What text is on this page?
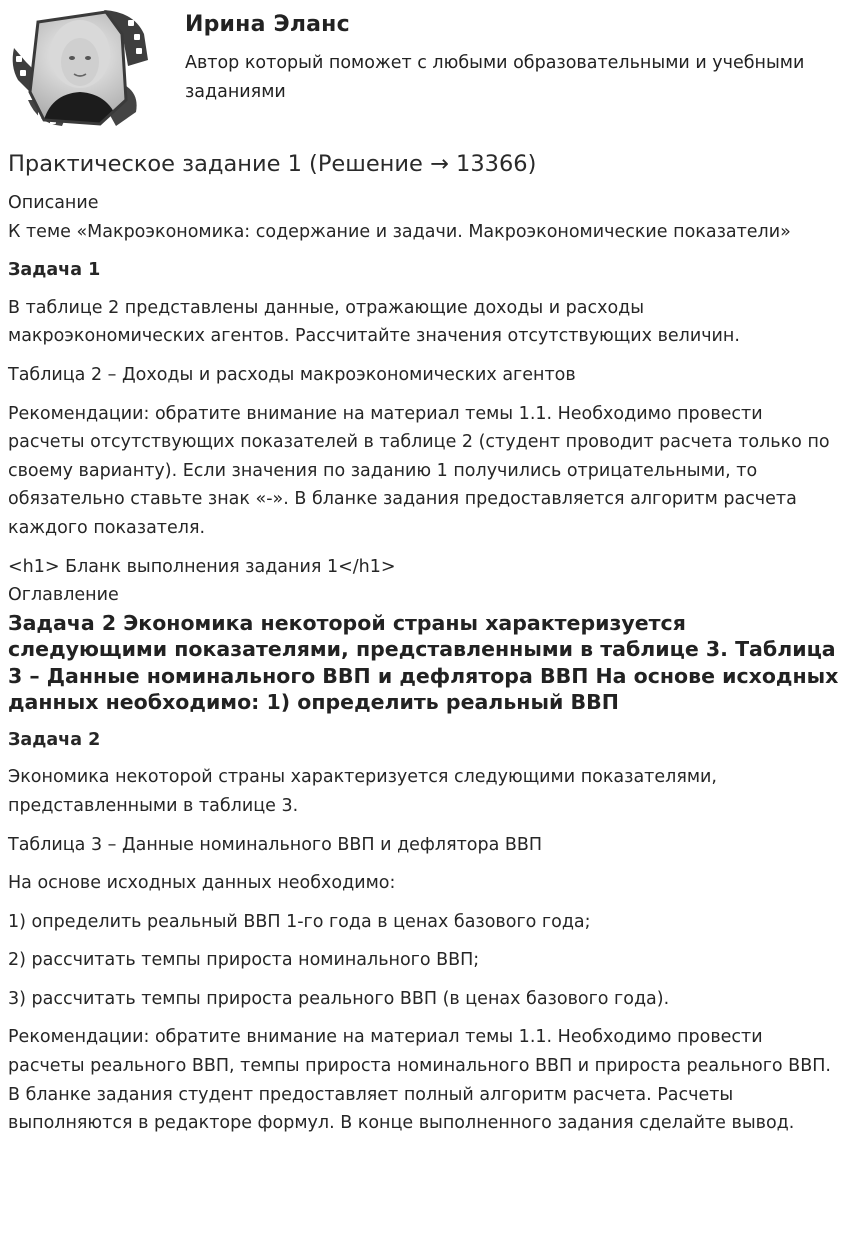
Ирина Эланс

Автор который поможет с любыми образовательными и учебными заданиями

Практическое задание 1 (Решение → 13366)

Описание

К теме «Макроэкономика: содержание и задачи. Макроэкономические показатели»

Задача 1

В таблице 2 представлены данные, отражающие доходы и расходы макроэкономических агентов. Рассчитайте значения отсутствующих величин.

Таблица 2 – Доходы и расходы макроэкономических агентов

Рекомендации: обратите внимание на материал темы 1.1. Необходимо провести расчеты отсутствующих показателей в таблице 2 (студент проводит расчета только по своему варианту). Если значения по заданию 1 получились отрицательными, то обязательно ставьте знак «-». В бланке задания предоставляется алгоритм расчета каждого показателя.

<h1> Бланк выполнения задания 1</h1>

Оглавление

Задача 2 Экономика некоторой страны характеризуется следующими показателями, представленными в таблице 3. Таблица 3 – Данные номинального ВВП и дефлятора ВВП На основе исходных данных необходимо: 1) определить реальный ВВП

Задача 2

Экономика некоторой страны характеризуется следующими показателями, представленными в таблице 3.

Таблица 3 – Данные номинального ВВП и дефлятора ВВП

На основе исходных данных необходимо:

1) определить реальный ВВП 1-го года в ценах базового года;

2) рассчитать темпы прироста номинального ВВП;

3) рассчитать темпы прироста реального ВВП (в ценах базового года).

Рекомендации: обратите внимание на материал темы 1.1. Необходимо провести расчеты реального ВВП, темпы прироста номинального ВВП и прироста реального ВВП. В бланке задания студент предоставляет полный алгоритм расчета. Расчеты выполняются в редакторе формул. В конце выполненного задания сделайте вывод.
